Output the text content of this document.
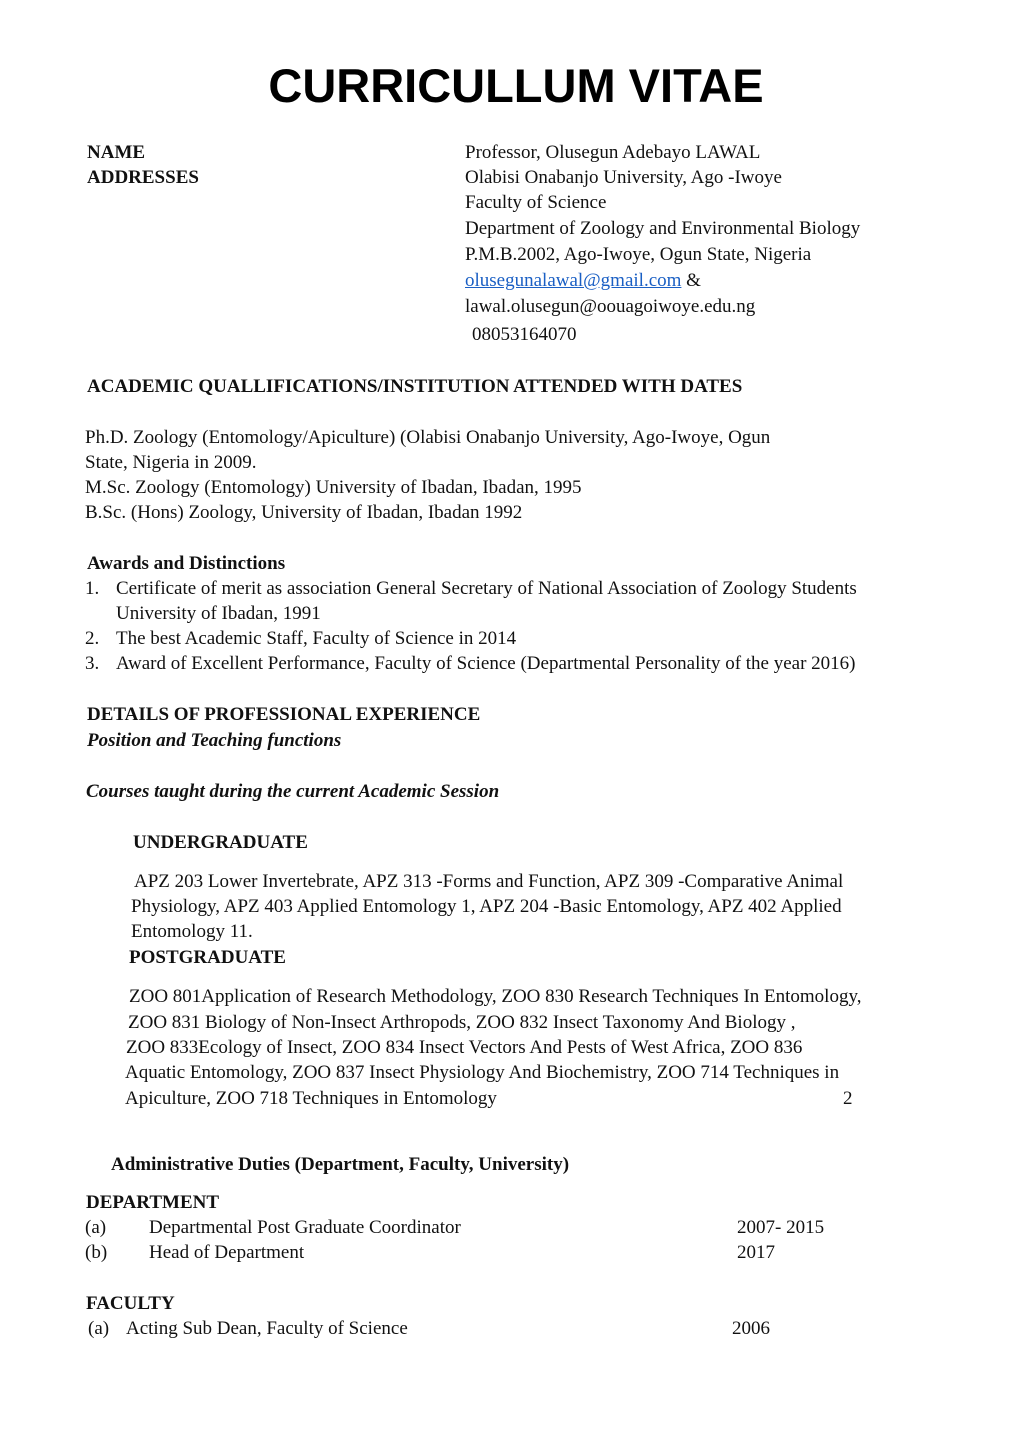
CURRICULLUM VITAE
NAME	Professor, Olusegun Adebayo LAWAL
ADDRESSES	Olabisi Onabanjo University, Ago -Iwoye
Faculty of Science
Department of Zoology and Environmental Biology
P.M.B.2002, Ago-Iwoye, Ogun State, Nigeria
olusegunalawal@gmail.com &
lawal.olusegun@oouagoiwoye.edu.ng
08053164070
ACADEMIC QUALLIFICATIONS/INSTITUTION ATTENDED WITH DATES
Ph.D. Zoology (Entomology/Apiculture) (Olabisi Onabanjo University, Ago-Iwoye, Ogun
State, Nigeria in 2009.
M.Sc. Zoology (Entomology) University of Ibadan, Ibadan, 1995
B.Sc. (Hons) Zoology, University of Ibadan, Ibadan 1992
Awards and Distinctions
1. Certificate of merit as association General Secretary of National Association of Zoology Students
University of Ibadan, 1991
2. The best Academic Staff, Faculty of Science in 2014
3. Award of Excellent Performance, Faculty of Science (Departmental Personality of the year 2016)
DETAILS OF PROFESSIONAL EXPERIENCE
Position and Teaching functions
Courses taught during the current Academic Session
UNDERGRADUATE
APZ 203 Lower Invertebrate, APZ 313 -Forms and Function, APZ 309 -Comparative Animal
Physiology, APZ 403 Applied Entomology 1, APZ 204 -Basic Entomology, APZ 402 Applied
Entomology 11.
POSTGRADUATE
ZOO 801Application of Research Methodology, ZOO 830 Research Techniques In Entomology,
ZOO 831 Biology of Non-Insect Arthropods, ZOO 832 Insect Taxonomy And Biology ,
ZOO 833Ecology of Insect, ZOO 834 Insect Vectors And Pests of West Africa, ZOO 836
Aquatic Entomology, ZOO 837 Insect Physiology And Biochemistry, ZOO 714 Techniques in
Apiculture, ZOO 718 Techniques in Entomology	2
Administrative Duties (Department, Faculty, University)
DEPARTMENT
(a) Departmental Post Graduate Coordinator	2007- 2015
(b) Head of Department	2017
FACULTY
(a) Acting Sub Dean, Faculty of Science	2006
